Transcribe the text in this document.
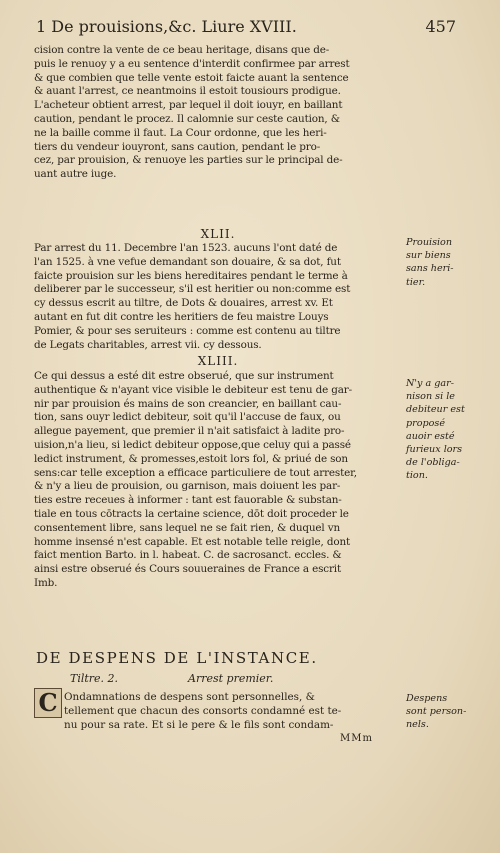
1 De prouisions,&c. Liure XVIII.	457
cision contre la vente de ce beau heritage, disans que de-
puis le renuoy y a eu sentence d'interdit confirmee par arrest
& que combien que telle vente estoit faicte auant la sentence
& auant l'arrest, ce neantmoins il estoit tousiours prodigue.
L'acheteur obtient arrest, par lequel il doit iouyr, en baillant
caution, pendant le procez. Il calomnie sur ceste caution, &
ne la baille comme il faut. La Cour ordonne, que les heri-
tiers du vendeur iouyront, sans caution, pendant le pro-
cez, par prouision, & renuoye les parties sur le principal de-
uant autre iuge.
XLII.
Par arrest du 11. Decembre l'an 1523. aucuns l'ont daté de
l'an 1525. à vne vefue demandant son douaire, & sa dot, fut
faicte prouision sur les biens hereditaires pendant le terme à
deliberer par le successeur, s'il est heritier ou non:comme est
cy dessus escrit au tiltre, de Dots & douaires, arrest xv. Et
autant en fut dit contre les heritiers de feu maistre Louys
Pomier, & pour ses seruiteurs : comme est contenu au tiltre
de Legats charitables, arrest vii. cy dessous.
Prouision
sur biens
sans heri-
tier.
XLIII.
Ce qui dessus a esté dit estre obserué, que sur instrument
authentique & n'ayant vice visible le debiteur est tenu de gar-
nir par prouision és mains de son creancier, en baillant cau-
tion, sans ouyr ledict debiteur, soit qu'il l'accuse de faux, ou
allegue payement, que premier il n'ait satisfaict à ladite pro-
uision,n'a lieu, si ledict debiteur oppose,que celuy qui a passé
ledict instrument, & promesses,estoit lors fol, & priué de son
sens:car telle exception a efficace particuliere de tout arrester,
& n'y a lieu de prouision, ou garnison, mais doiuent les par-
ties estre receues à informer : tant est fauorable & substan-
tiale en tous cōtracts la certaine science, dōt doit proceder le
consentement libre, sans lequel ne se fait rien, & duquel vn
homme insensé n'est capable. Et est notable telle reigle, dont
faict mention Barto. in l. habeat. C. de sacrosanct. eccles. &
ainsi estre obserué és Cours souueraines de France a escrit
Imb.
N'y a gar-
nison si le
debiteur est
proposé
auoir esté
furieux lors
de l'obliga-
tion.
DE DESPENS DE L'INSTANCE.
Tiltre. 2.	Arrest premier.
C Ondamnations de despens sont personnelles, &
tellement que chacun des consorts condamné est te-
nu pour sa rate. Et si le pere & le fils sont condam-
Despens
sont person-
nels.
MMm
